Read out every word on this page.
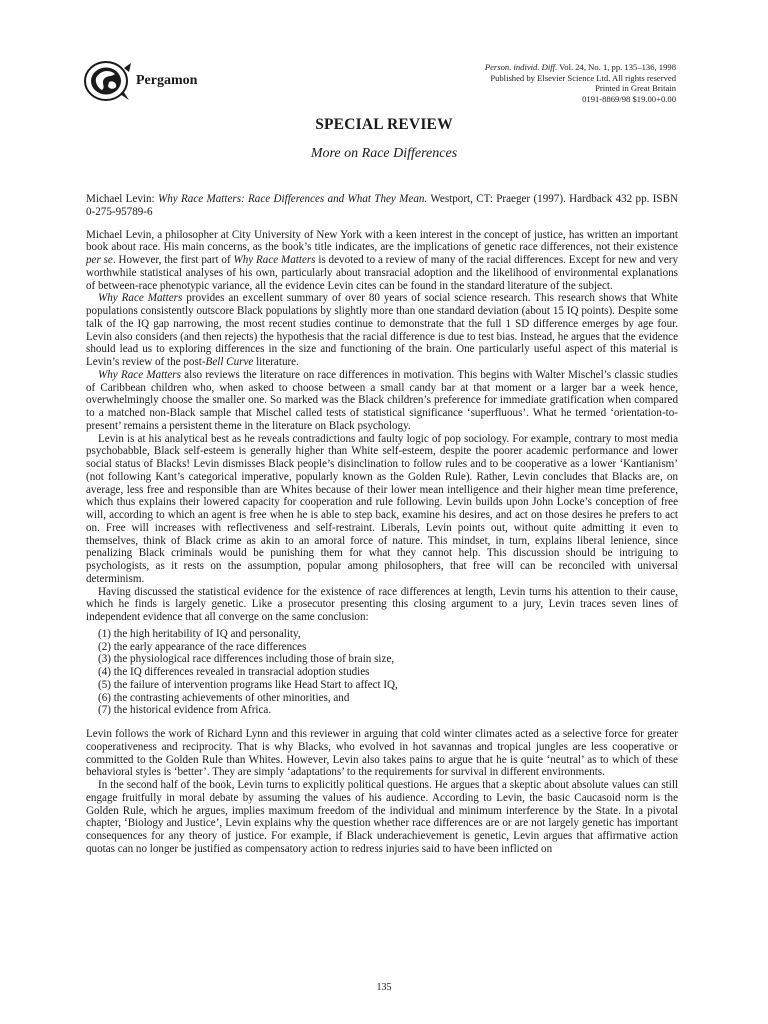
Pergamon
Person. individ. Diff. Vol. 24, No. 1, pp. 135–136, 1998
Published by Elsevier Science Ltd. All rights reserved
Printed in Great Britain
0191-8869/98 $19.00+0.00
SPECIAL REVIEW
More on Race Differences

Michael Levin: Why Race Matters: Race Differences and What They Mean. Westport, CT: Praeger (1997). Hardback 432 pp. ISBN 0-275-95789-6

Michael Levin, a philosopher at City University of New York with a keen interest in the concept of justice, has written an important book about race. His main concerns, as the book’s title indicates, are the implications of genetic race differences, not their existence per se. However, the first part of Why Race Matters is devoted to a review of many of the racial differences. Except for new and very worthwhile statistical analyses of his own, particularly about transracial adoption and the likelihood of environmental explanations of between-race phenotypic variance, all the evidence Levin cites can be found in the standard literature of the subject.

Why Race Matters provides an excellent summary of over 80 years of social science research. This research shows that White populations consistently outscore Black populations by slightly more than one standard deviation (about 15 IQ points). Despite some talk of the IQ gap narrowing, the most recent studies continue to demonstrate that the full 1 SD difference emerges by age four. Levin also considers (and then rejects) the hypothesis that the racial difference is due to test bias. Instead, he argues that the evidence should lead us to exploring differences in the size and functioning of the brain. One particularly useful aspect of this material is Levin’s review of the post-Bell Curve literature.

Why Race Matters also reviews the literature on race differences in motivation. This begins with Walter Mischel’s classic studies of Caribbean children who, when asked to choose between a small candy bar at that moment or a larger bar a week hence, overwhelmingly choose the smaller one. So marked was the Black children’s preference for immediate gratification when compared to a matched non-Black sample that Mischel called tests of statistical significance ‘superfluous’. What he termed ‘orientation-to-present’ remains a persistent theme in the literature on Black psychology.

Levin is at his analytical best as he reveals contradictions and faulty logic of pop sociology. For example, contrary to most media psychobabble, Black self-esteem is generally higher than White self-esteem, despite the poorer academic performance and lower social status of Blacks! Levin dismisses Black people’s disinclination to follow rules and to be cooperative as a lower ‘Kantianism’ (not following Kant’s categorical imperative, popularly known as the Golden Rule). Rather, Levin concludes that Blacks are, on average, less free and responsible than are Whites because of their lower mean intelligence and their higher mean time preference, which thus explains their lowered capacity for cooperation and rule following. Levin builds upon John Locke’s conception of free will, according to which an agent is free when he is able to step back, examine his desires, and act on those desires he prefers to act on. Free will increases with reflectiveness and self-restraint. Liberals, Levin points out, without quite admitting it even to themselves, think of Black crime as akin to an amoral force of nature. This mindset, in turn, explains liberal lenience, since penalizing Black criminals would be punishing them for what they cannot help. This discussion should be intriguing to psychologists, as it rests on the assumption, popular among philosophers, that free will can be reconciled with universal determinism.

Having discussed the statistical evidence for the existence of race differences at length, Levin turns his attention to their cause, which he finds is largely genetic. Like a prosecutor presenting this closing argument to a jury, Levin traces seven lines of independent evidence that all converge on the same conclusion:

(1) the high heritability of IQ and personality,
(2) the early appearance of the race differences
(3) the physiological race differences including those of brain size,
(4) the IQ differences revealed in transracial adoption studies
(5) the failure of intervention programs like Head Start to affect IQ,
(6) the contrasting achievements of other minorities, and
(7) the historical evidence from Africa.

Levin follows the work of Richard Lynn and this reviewer in arguing that cold winter climates acted as a selective force for greater cooperativeness and reciprocity. That is why Blacks, who evolved in hot savannas and tropical jungles are less cooperative or committed to the Golden Rule than Whites. However, Levin also takes pains to argue that he is quite ‘neutral’ as to which of these behavioral styles is ‘better’. They are simply ‘adaptations’ to the requirements for survival in different environments.

In the second half of the book, Levin turns to explicitly political questions. He argues that a skeptic about absolute values can still engage fruitfully in moral debate by assuming the values of his audience. According to Levin, the basic Caucasoid norm is the Golden Rule, which he argues, implies maximum freedom of the individual and minimum interference by the State. In a pivotal chapter, ‘Biology and Justice’, Levin explains why the question whether race differences are or are not largely genetic has important consequences for any theory of justice. For example, if Black underachievement is genetic, Levin argues that affirmative action quotas can no longer be justified as compensatory action to redress injuries said to have been inflicted on

135
